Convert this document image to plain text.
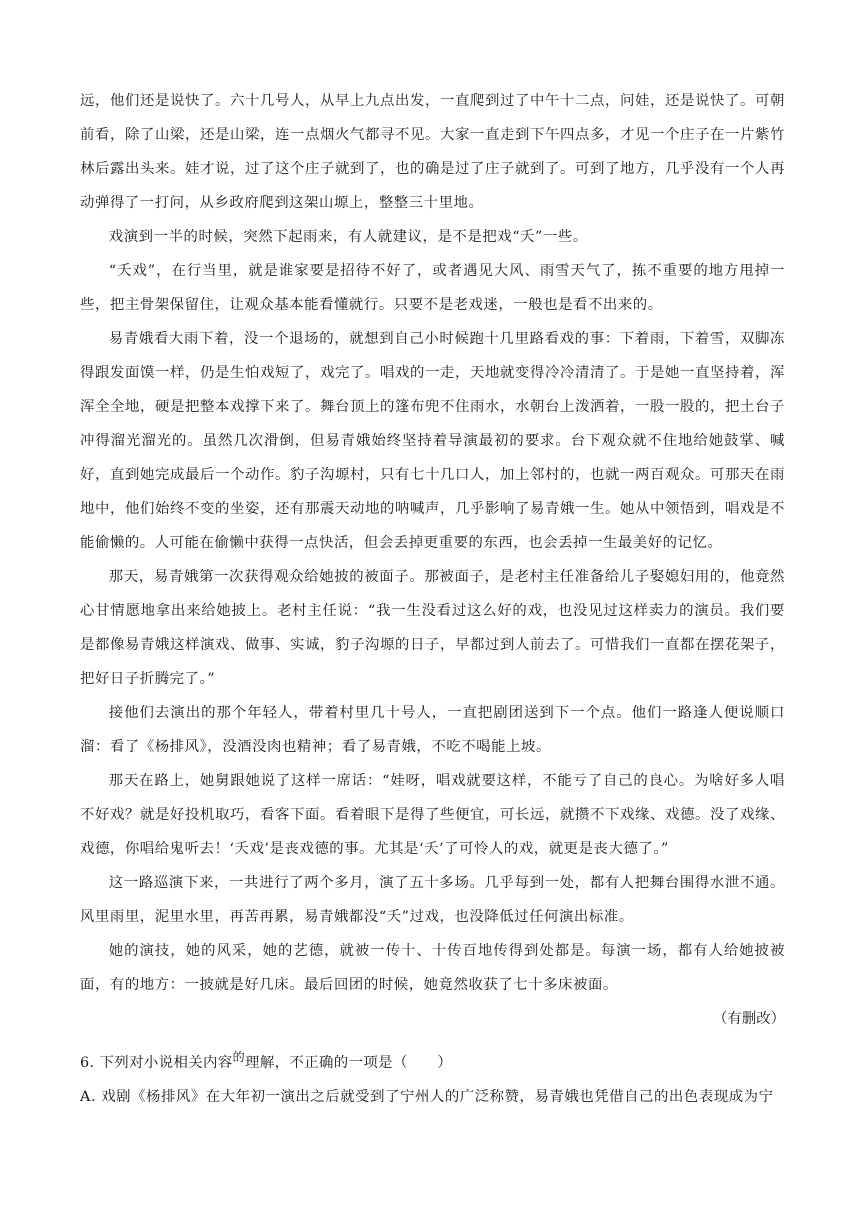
远，他们还是说快了。六十几号人，从早上九点出发，一直爬到过了中午十二点，问娃，还是说快了。可朝前看，除了山梁，还是山梁，连一点烟火气都寻不见。大家一直走到下午四点多，才见一个庄子在一片紫竹林后露出头来。娃才说，过了这个庄子就到了，也的确是过了庄子就到了。可到了地方，几乎没有一个人再动弹得了一打问，从乡政府爬到这架山塬上，整整三十里地。

戏演到一半的时候，突然下起雨来，有人就建议，是不是把戏“夭”一些。

“夭戏”，在行当里，就是谁家要是招待不好了，或者遇见大风、雨雪天气了，拣不重要的地方甩掉一些，把主骨架保留住，让观众基本能看懂就行。只要不是老戏迷，一般也是看不出来的。

易青娥看大雨下着，没一个退场的，就想到自己小时候跑十几里路看戏的事：下着雨，下着雪，双脚冻得跟发面馍一样，仍是生怕戏短了，戏完了。唱戏的一走，天地就变得冷冷清清了。于是她一直坚持着，浑浑全全地，硬是把整本戏撑下来了。舞台顶上的篷布兜不住雨水，水朝台上泼洒着，一股一股的，把土台子冲得溜光溜光的。虽然几次滑倒，但易青娥始终坚持着导演最初的要求。台下观众就不住地给她鼓掌、喊好，直到她完成最后一个动作。豹子沟塬村，只有七十几口人，加上邻村的，也就一两百观众。可那天在雨地中，他们始终不变的坐姿，还有那震天动地的呐喊声，几乎影响了易青娥一生。她从中领悟到，唱戏是不能偷懒的。人可能在偷懒中获得一点快活，但会丢掉更重要的东西，也会丢掉一生最美好的记忆。

那天，易青娥第一次获得观众给她披的被面子。那被面子，是老村主任准备给儿子娶媳妇用的，他竟然心甘情愿地拿出来给她披上。老村主任说：“我一生没看过这么好的戏，也没见过这样卖力的演员。我们要是都像易青娥这样演戏、做事、实诚，豹子沟塬的日子，早都过到人前去了。可惜我们一直都在摆花架子，把好日子折腾完了。”

接他们去演出的那个年轻人，带着村里几十号人，一直把剧团送到下一个点。他们一路逢人便说顺口溜：看了《杨排风》，没酒没肉也精神；看了易青娥，不吃不喝能上坡。

那天在路上，她舅跟她说了这样一席话：“娃呀，唱戏就要这样，不能亏了自己的良心。为啥好多人唱不好戏？就是好投机取巧，看客下面。看着眼下是得了些便宜，可长远，就攒不下戏缘、戏德。没了戏缘、戏德，你唱给鬼听去！‘夭戏’是丧戏德的事。尤其是‘夭’了可怜人的戏，就更是丧大德了。”

这一路巡演下来，一共进行了两个多月，演了五十多场。几乎每到一处，都有人把舞台围得水泄不通。风里雨里，泥里水里，再苦再累，易青娥都没“夭”过戏，也没降低过任何演出标准。

她的演技，她的风采，她的艺德，就被一传十、十传百地传得到处都是。每演一场，都有人给她披被面，有的地方：一披就是好几床。最后回团的时候，她竟然收获了七十多床被面。

（有删改）

6. 下列对小说相关内容$^的$理解，不正确的一项是（　　）

A. 戏剧《杨排风》在大年初一演出之后就受到了宁州人的广泛称赞，易青娥也凭借自己的出色表现成为宁
